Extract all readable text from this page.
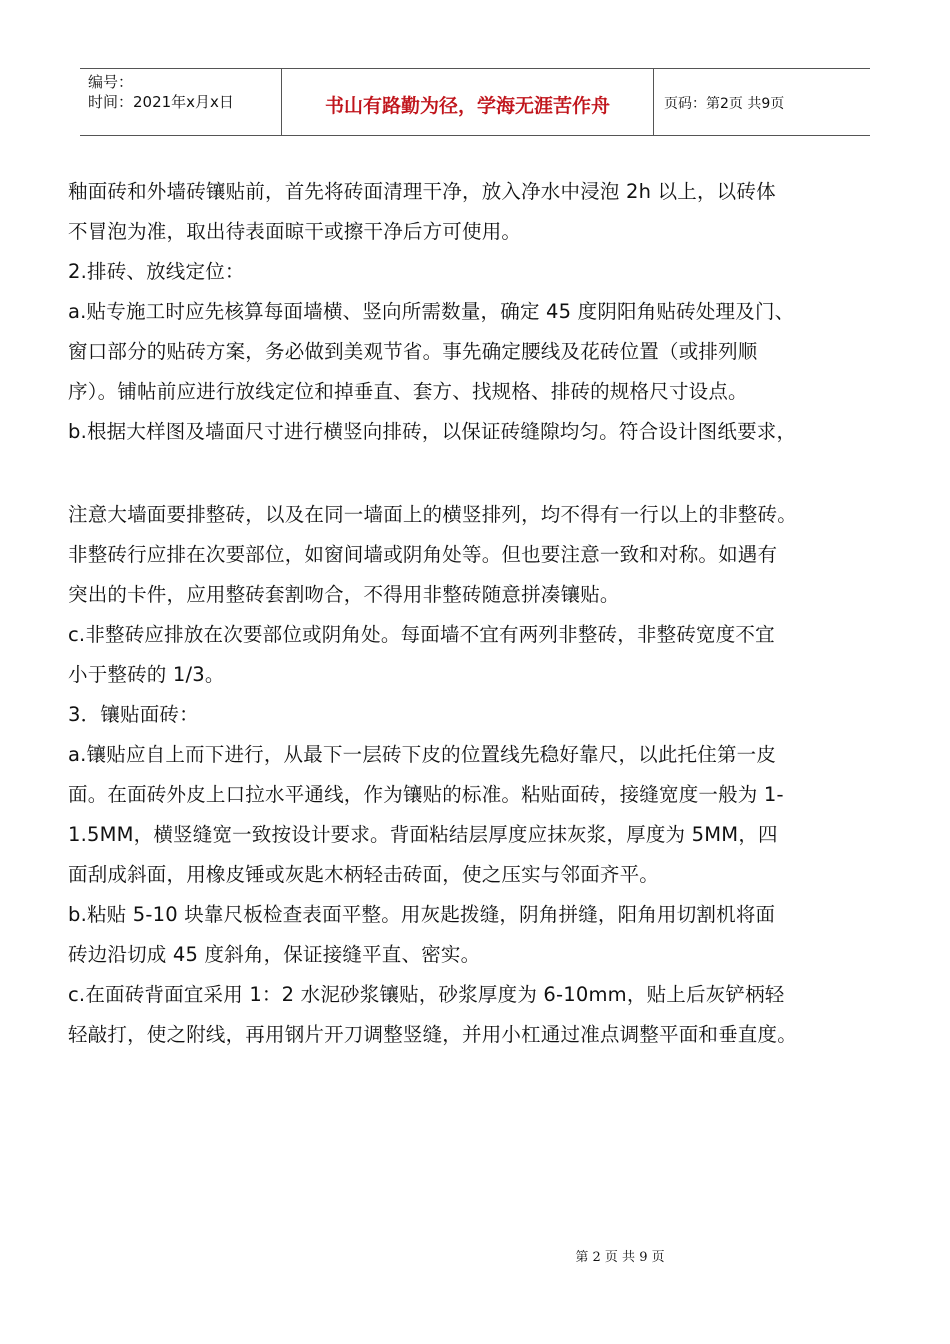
编号：
时间：2021年x月x日	书山有路勤为径，学海无涯苦作舟	页码：第2页 共9页

釉面砖和外墙砖镶贴前，首先将砖面清理干净，放入净水中浸泡 2h 以上，以砖体

不冒泡为准，取出待表面晾干或擦干净后方可使用。

2.排砖、放线定位：

a.贴专施工时应先核算每面墙横、竖向所需数量，确定 45 度阴阳角贴砖处理及门、

窗口部分的贴砖方案，务必做到美观节省。事先确定腰线及花砖位置（或排列顺

序）。铺帖前应进行放线定位和掉垂直、套方、找规格、排砖的规格尺寸设点。

b.根据大样图及墙面尺寸进行横竖向排砖，以保证砖缝隙均匀。符合设计图纸要求，

注意大墙面要排整砖，以及在同一墙面上的横竖排列，均不得有一行以上的非整砖。

非整砖行应排在次要部位，如窗间墙或阴角处等。但也要注意一致和对称。如遇有

突出的卡件，应用整砖套割吻合，不得用非整砖随意拼凑镶贴。

c.非整砖应排放在次要部位或阴角处。每面墙不宜有两列非整砖，非整砖宽度不宜

小于整砖的 1/3。

3．镶贴面砖：

a.镶贴应自上而下进行，从最下一层砖下皮的位置线先稳好靠尺，以此托住第一皮

面。在面砖外皮上口拉水平通线，作为镶贴的标准。粘贴面砖，接缝宽度一般为 1-

1.5MM，横竖缝宽一致按设计要求。背面粘结层厚度应抹灰浆，厚度为 5MM，四

面刮成斜面，用橡皮锤或灰匙木柄轻击砖面，使之压实与邻面齐平。

b.粘贴 5-10 块靠尺板检查表面平整。用灰匙拨缝，阴角拼缝，阳角用切割机将面

砖边沿切成 45 度斜角，保证接缝平直、密实。

c.在面砖背面宜采用 1：2 水泥砂浆镶贴，砂浆厚度为 6-10mm，贴上后灰铲柄轻

轻敲打，使之附线，再用钢片开刀调整竖缝，并用小杠通过准点调整平面和垂直度。

第 2 页 共 9 页
